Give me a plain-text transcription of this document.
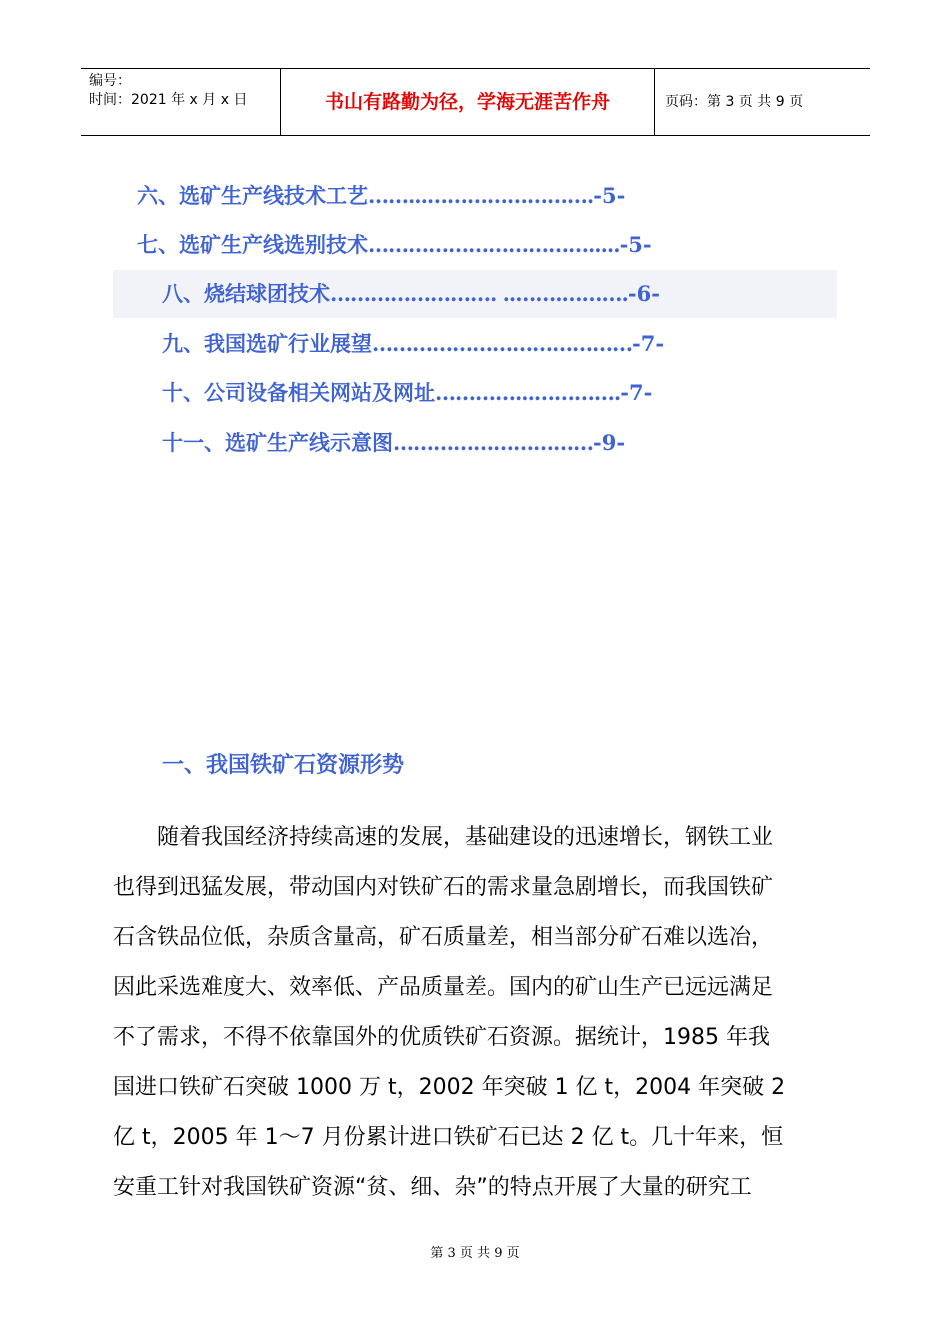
编号：
时间：2021 年 x 月 x 日	书山有路勤为径，学海无涯苦作舟	页码：第 3 页 共 9 页
六、选矿生产线技术工艺……...…………………….-5-
七、选矿生产线选别技术…………………………….....-5-
八、烧结球团技术……………………. ..…….……….-6-
九、我国选矿行业展望…………………………………-7-
十、公司设备相关网站及网址…………...………….-7-
十一、选矿生产线示意图…………………………-9-
一、我国铁矿石资源形势
　　随着我国经济持续高速的发展，基础建设的迅速增长，钢铁工业
也得到迅猛发展，带动国内对铁矿石的需求量急剧增长，而我国铁矿
石含铁品位低，杂质含量高，矿石质量差，相当部分矿石难以选冶，
因此采选难度大、效率低、产品质量差。国内的矿山生产已远远满足
不了需求，不得不依靠国外的优质铁矿石资源。据统计，1985 年我
国进口铁矿石突破 1000 万 t，2002 年突破 1 亿 t，2004 年突破 2
亿 t，2005 年 1～7 月份累计进口铁矿石已达 2 亿 t。几十年来，恒
安重工针对我国铁矿资源“贫、细、杂”的特点开展了大量的研究工
第 3 页 共 9 页
